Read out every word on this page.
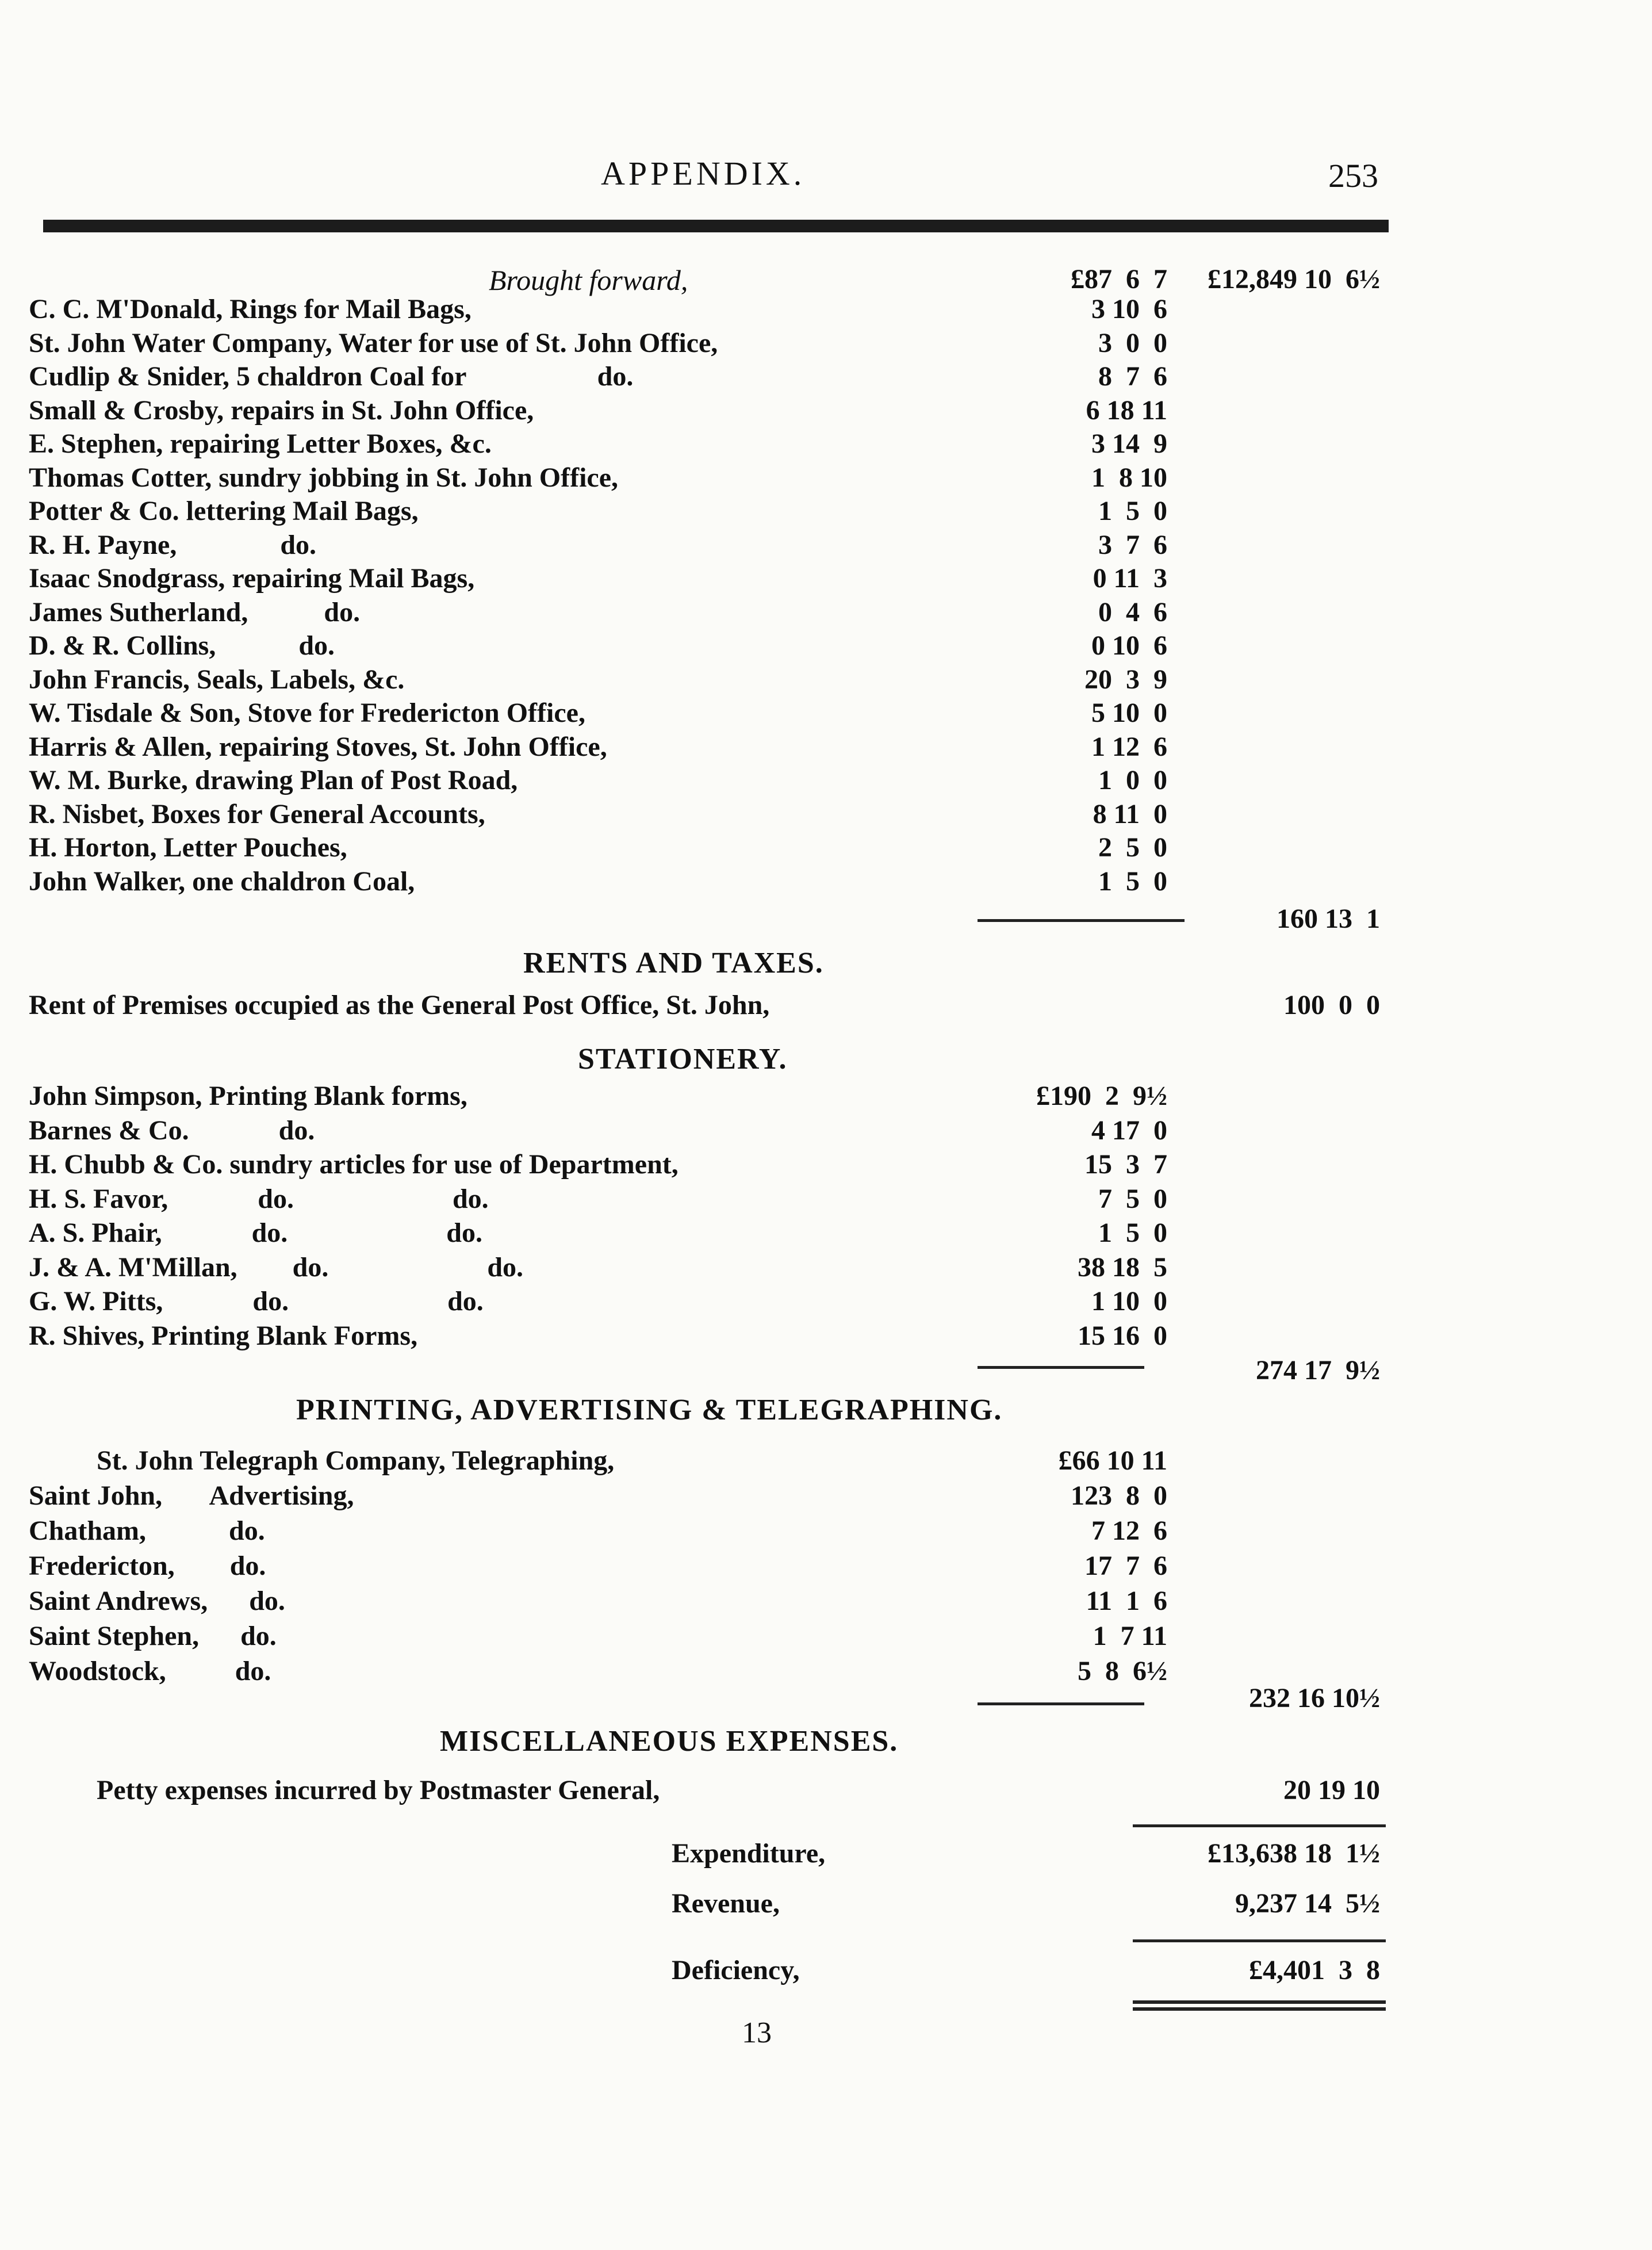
APPENDIX.	253
Brought forward,	£87  6  7	£12,849 10  6½
C. C. M'Donald, Rings for Mail Bags,	3 10  6
St. John Water Company, Water for use of St. John Office,	3  0  0
Cudlip & Snider, 5 chaldron Coal for                   do.	8  7  6
Small & Crosby, repairs in St. John Office,	6 18 11
E. Stephen, repairing Letter Boxes, &c.	3 14  9
Thomas Cotter, sundry jobbing in St. John Office,	1  8 10
Potter & Co. lettering Mail Bags,	1  5  0
R. H. Payne,               do.	3  7  6
Isaac Snodgrass, repairing Mail Bags,	0 11  3
James Sutherland,           do.	0  4  6
D. & R. Collins,            do.	0 10  6
John Francis, Seals, Labels, &c.	20  3  9
W. Tisdale & Son, Stove for Fredericton Office,	5 10  0
Harris & Allen, repairing Stoves, St. John Office,	1 12  6
W. M. Burke, drawing Plan of Post Road,	1  0  0
R. Nisbet, Boxes for General Accounts,	8 11  0
H. Horton, Letter Pouches,	2  5  0
John Walker, one chaldron Coal,	1  5  0
160 13  1
RENTS AND TAXES.
Rent of Premises occupied as the General Post Office, St. John,	100  0  0
STATIONERY.
John Simpson, Printing Blank forms,	£190  2  9½
Barnes & Co.             do.	4 17  0
H. Chubb & Co. sundry articles for use of Department,	15  3  7
H. S. Favor,             do.                       do.	7  5  0
A. S. Phair,             do.                       do.	1  5  0
J. & A. M'Millan,        do.                       do.	38 18  5
G. W. Pitts,             do.                       do.	1 10  0
R. Shives, Printing Blank Forms,	15 16  0
274 17  9½
PRINTING, ADVERTISING & TELEGRAPHING.
St. John Telegraph Company, Telegraphing,	£66 10 11
Saint John,       Advertising,	123  8  0
Chatham,            do.	7 12  6
Fredericton,        do.	17  7  6
Saint Andrews,      do.	11  1  6
Saint Stephen,      do.	1  7 11
Woodstock,          do.	5  8  6½
232 16 10½
MISCELLANEOUS EXPENSES.
Petty expenses incurred by Postmaster General,	20 19 10
Expenditure,	£13,638 18  1½
Revenue,	9,237 14  5½
Deficiency,	£4,401  3  8
13
